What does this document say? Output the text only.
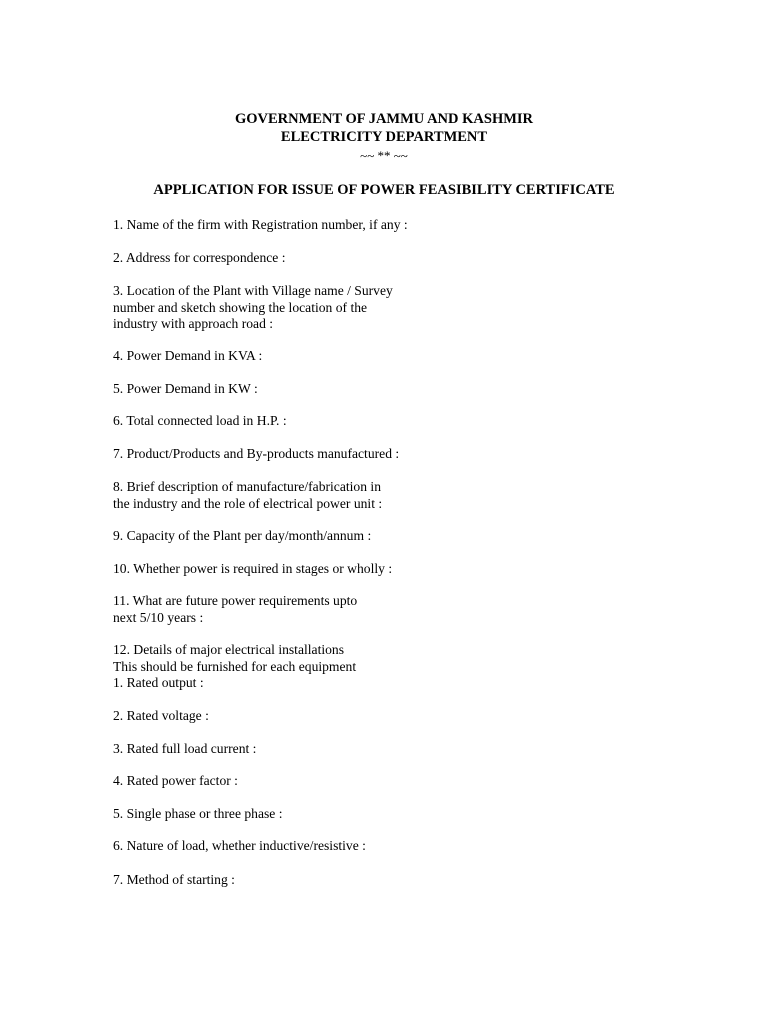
GOVERNMENT OF JAMMU AND KASHMIR
ELECTRICITY DEPARTMENT
~~ ** ~~
APPLICATION FOR ISSUE OF POWER FEASIBILITY CERTIFICATE
1. Name of the firm with Registration number, if any :
2. Address for correspondence :
3. Location of the Plant with Village name / Survey
number and sketch showing the location of the
industry with approach road :
4. Power Demand in KVA :
5. Power Demand in KW :
6. Total connected load in H.P. :
7. Product/Products and By-products manufactured :
8. Brief description of manufacture/fabrication in
the industry and the role of electrical power unit :
9. Capacity of the Plant per day/month/annum :
10. Whether power is required in stages or wholly :
11. What are future power requirements upto
next 5/10 years :
12. Details of major electrical installations
This should be furnished for each equipment
1. Rated output :
2. Rated voltage :
3. Rated full load current :
4. Rated power factor :
5. Single phase or three phase :
6. Nature of load, whether inductive/resistive :
7. Method of starting :
